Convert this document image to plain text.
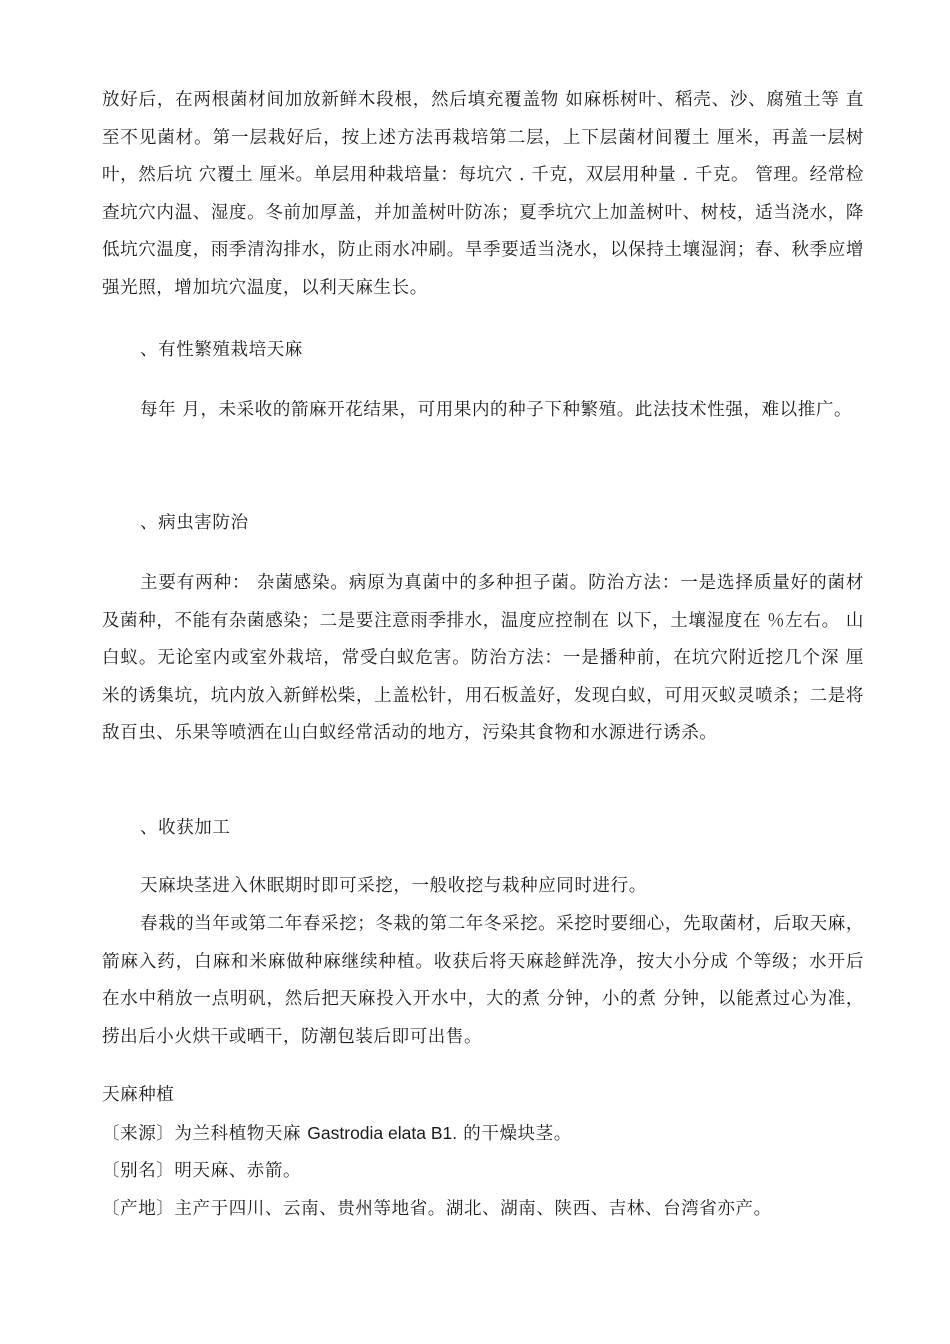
放好后，在两根菌材间加放新鲜木段根，然后填充覆盖物 如麻栎树叶、稻壳、沙、腐殖土等 直至不见菌材。第一层栽好后，按上述方法再栽培第二层，上下层菌材间覆土 厘米，再盖一层树叶，然后坑 穴覆土 厘米。单层用种栽培量：每坑穴 . 千克，双层用种量 . 千克。 管理。经常检查坑穴内温、湿度。冬前加厚盖，并加盖树叶防冻；夏季坑穴上加盖树叶、树枝，适当浇水，降低坑穴温度，雨季清沟排水，防止雨水冲刷。旱季要适当浇水，以保持土壤湿润；春、秋季应增强光照，增加坑穴温度，以利天麻生长。

、有性繁殖栽培天麻

每年 月，未采收的箭麻开花结果，可用果内的种子下种繁殖。此法技术性强，难以推广。

、病虫害防治

主要有两种： 杂菌感染。病原为真菌中的多种担子菌。防治方法：一是选择质量好的菌材及菌种，不能有杂菌感染；二是要注意雨季排水，温度应控制在 以下，土壤湿度在 ％左右。 山白蚁。无论室内或室外栽培，常受白蚁危害。防治方法：一是播种前，在坑穴附近挖几个深 厘米的诱集坑，坑内放入新鲜松柴，上盖松针，用石板盖好，发现白蚁，可用灭蚁灵喷杀；二是将敌百虫、乐果等喷洒在山白蚁经常活动的地方，污染其食物和水源进行诱杀。

、收获加工

天麻块茎进入休眠期时即可采挖，一般收挖与栽种应同时进行。

春栽的当年或第二年春采挖；冬栽的第二年冬采挖。采挖时要细心，先取菌材，后取天麻，箭麻入药，白麻和米麻做种麻继续种植。收获后将天麻趁鲜洗净，按大小分成 个等级；水开后在水中稍放一点明矾，然后把天麻投入开水中，大的煮 分钟，小的煮 分钟，以能煮过心为准，捞出后小火烘干或晒干，防潮包装后即可出售。

天麻种植

〔来源〕为兰科植物天麻 Gastrodia elata B1. 的干燥块茎。

〔别名〕明天麻、赤箭。

〔产地〕主产于四川、云南、贵州等地省。湖北、湖南、陕西、吉林、台湾省亦产。
